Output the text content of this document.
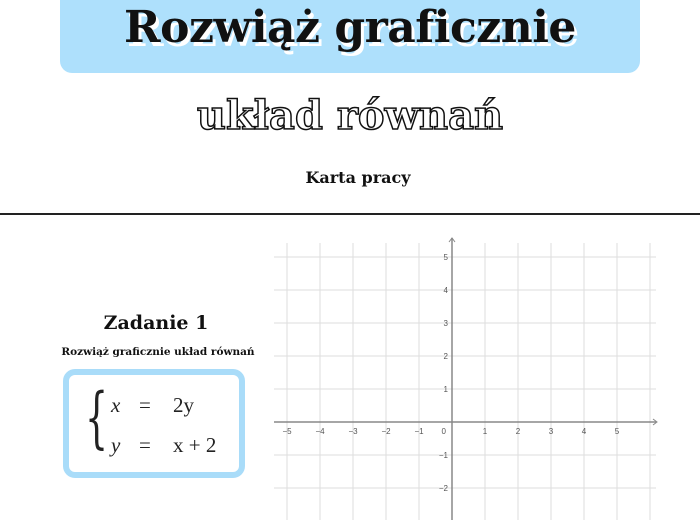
Rozwiąż graficznie
układ równań
Karta pracy
Zadanie 1
Rozwiąż graficznie układ równań
{ x = 2y
y = x + 2
−5	−4	−3	−2	−1	1	2	3	4	5
5
4
3
2
1
−1
−2
0
